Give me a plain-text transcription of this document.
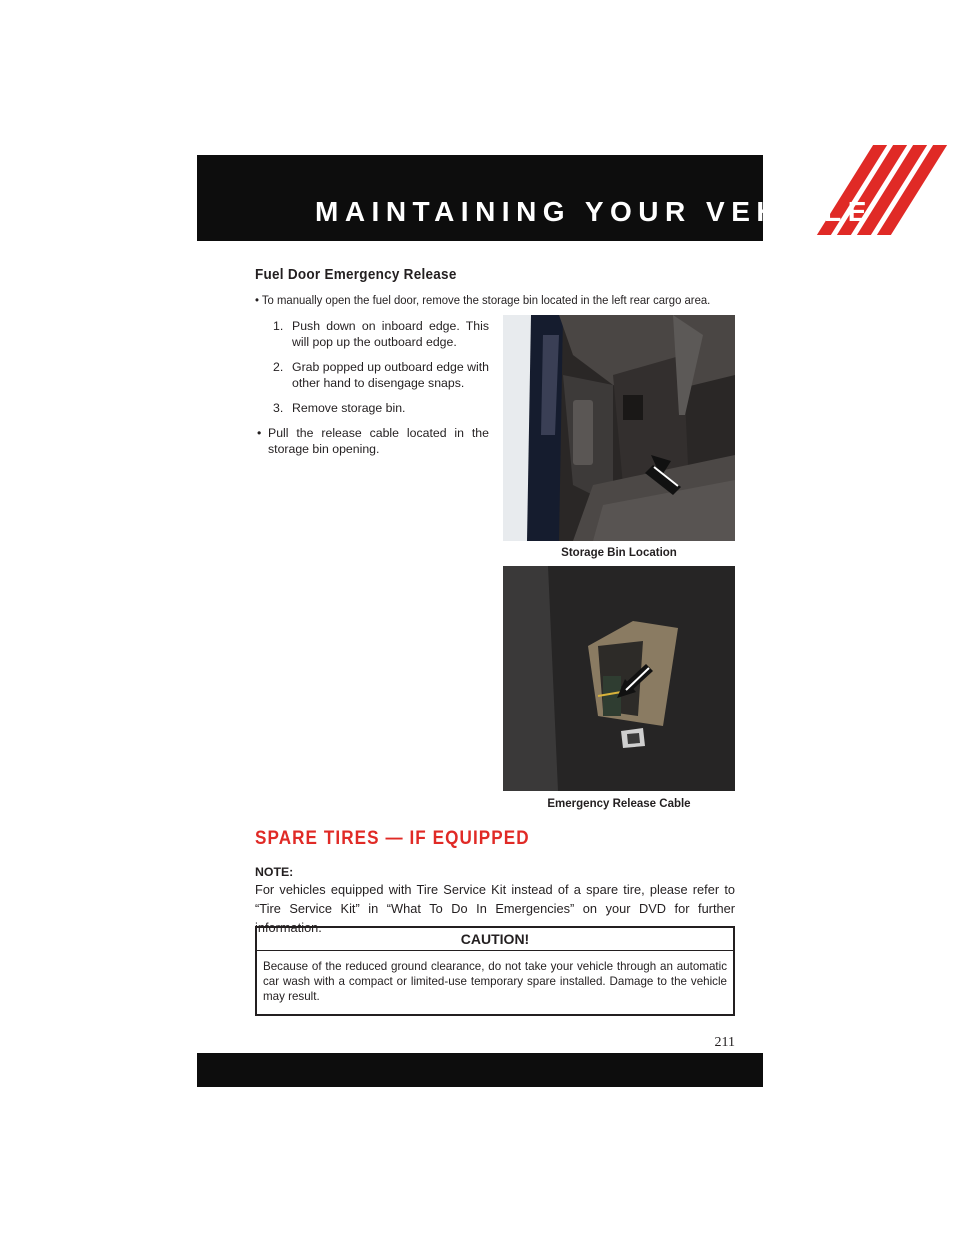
MAINTAINING YOUR VEHICLE
Fuel Door Emergency Release

• To manually open the fuel door, remove the storage bin located in the left rear cargo area.

1. Push down on inboard edge. This will pop up the outboard edge.

2. Grab popped up outboard edge with other hand to disengage snaps.

3. Remove storage bin.

• Pull the release cable located in the storage bin opening.

Storage Bin Location

Emergency Release Cable

SPARE TIRES — IF EQUIPPED

NOTE:

For vehicles equipped with Tire Service Kit instead of a spare tire, please refer to “Tire Service Kit” in “What To Do In Emergencies” on your DVD for further information.

CAUTION!
Because of the reduced ground clearance, do not take your vehicle through an automatic car wash with a compact or limited-use temporary spare installed. Damage to the vehicle may result.

211
